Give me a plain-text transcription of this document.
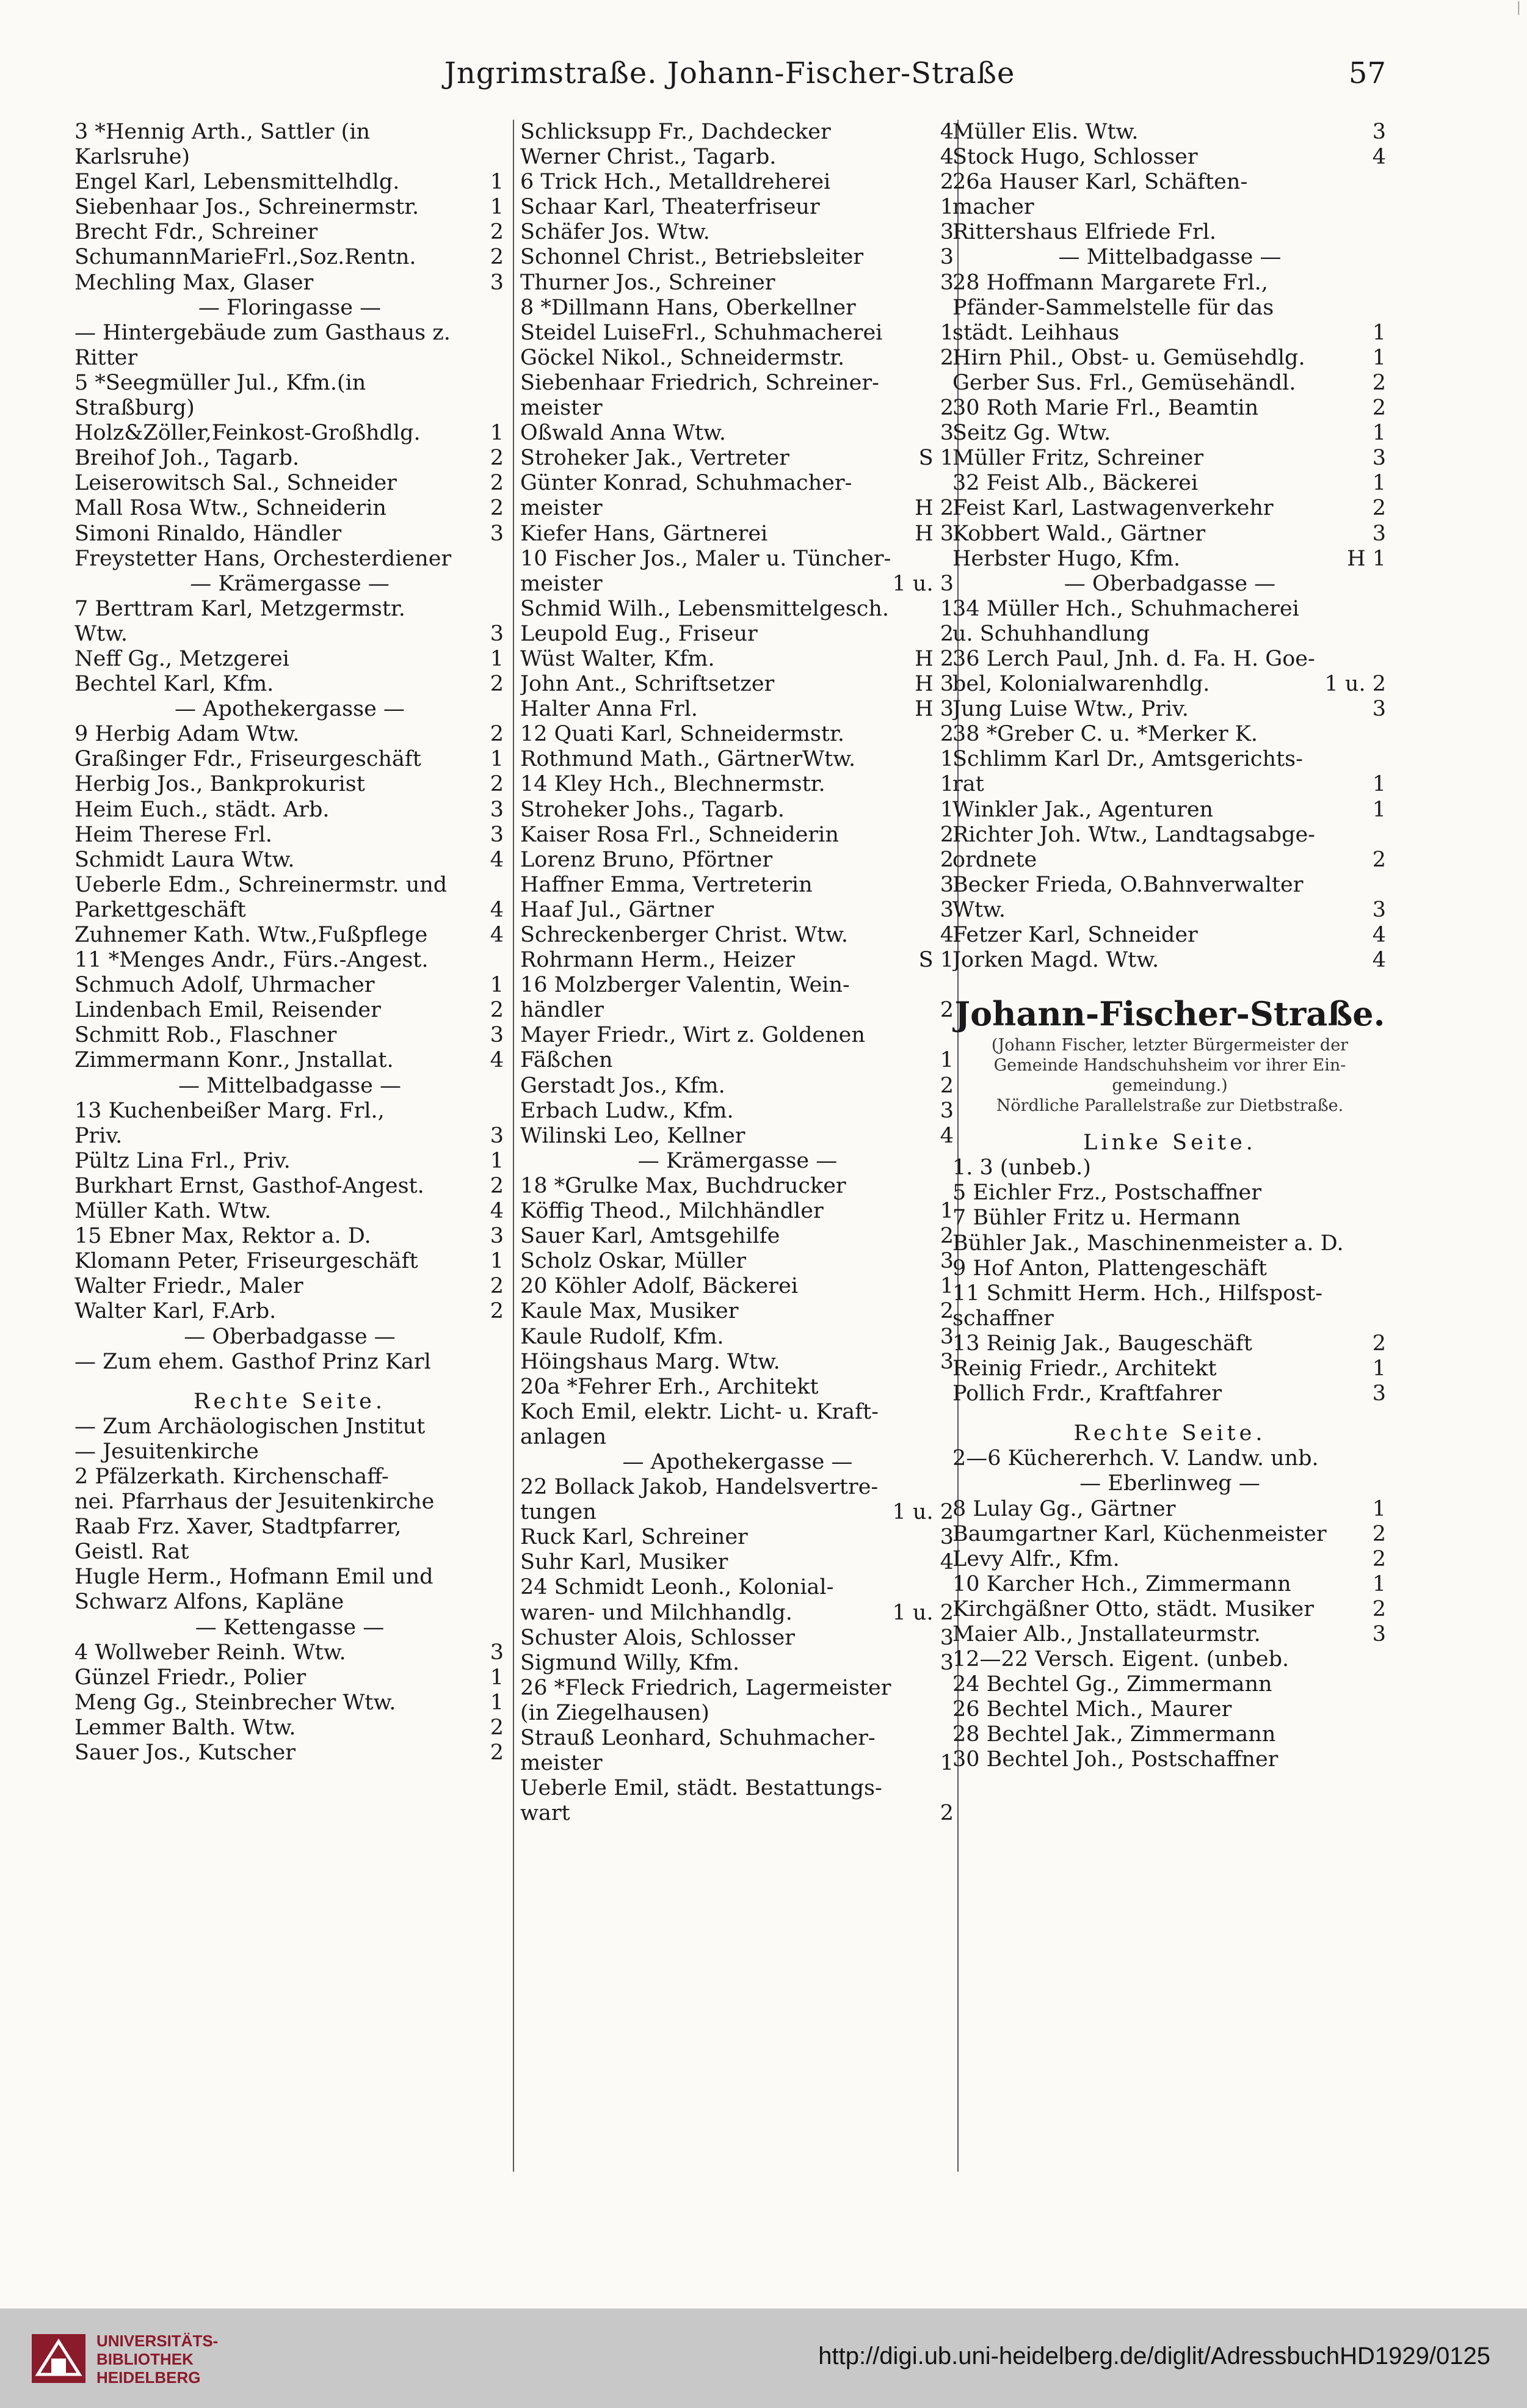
Jngrimstraße. Johann-Fischer-Straße	57
3 *Hennig Arth., Sattler (in
Karlsruhe)
Engel Karl, Lebensmittelhdlg.	1
Siebenhaar Jos., Schreinermstr.	1
Brecht Fdr., Schreiner	2
SchumannMarieFrl.,Soz.Rentn.	2
Mechling Max, Glaser	3
— Floringasse —
— Hintergebäude zum Gasthaus z.
Ritter
5 *Seegmüller Jul., Kfm.(in
Straßburg)
Holz&Zöller,Feinkost-Großhdlg.	1
Breihof Joh., Tagarb.	2
Leiserowitsch Sal., Schneider	2
Mall Rosa Wtw., Schneiderin	2
Simoni Rinaldo, Händler	3
Freystetter Hans, Orchesterdiener
— Krämergasse —
7 Berttram Karl, Metzgermstr.
Wtw.	3
Neff Gg., Metzgerei	1
Bechtel Karl, Kfm.	2
— Apothekergasse —
9 Herbig Adam Wtw.	2
Graßinger Fdr., Friseurgeschäft	1
Herbig Jos., Bankprokurist	2
Heim Euch., städt. Arb.	3
Heim Therese Frl.	3
Schmidt Laura Wtw.	4
Ueberle Edm., Schreinermstr. und
Parkettgeschäft	4
Zuhnemer Kath. Wtw.,Fußpflege	4
11 *Menges Andr., Fürs.-Angest.
Schmuch Adolf, Uhrmacher	1
Lindenbach Emil, Reisender	2
Schmitt Rob., Flaschner	3
Zimmermann Konr., Jnstallat.	4
— Mittelbadgasse —
13 Kuchenbeißer Marg. Frl.,
Priv.	3
Pültz Lina Frl., Priv.	1
Burkhart Ernst, Gasthof-Angest.	2
Müller Kath. Wtw.	4
15 Ebner Max, Rektor a. D.	3
Klomann Peter, Friseurgeschäft	1
Walter Friedr., Maler	2
Walter Karl, F.Arb.	2
— Oberbadgasse —
— Zum ehem. Gasthof Prinz Karl
Rechte Seite.
— Zum Archäologischen Jnstitut
— Jesuitenkirche
2 Pfälzerkath. Kirchenschaff-
nei. Pfarrhaus der Jesuitenkirche
Raab Frz. Xaver, Stadtpfarrer,
Geistl. Rat
Hugle Herm., Hofmann Emil und
Schwarz Alfons, Kapläne
— Kettengasse —
4 Wollweber Reinh. Wtw.	3
Günzel Friedr., Polier	1
Meng Gg., Steinbrecher Wtw.	1
Lemmer Balth. Wtw.	2
Sauer Jos., Kutscher	2
Schlicksupp Fr., Dachdecker	4
Werner Christ., Tagarb.	4
6 Trick Hch., Metalldreherei	2
Schaar Karl, Theaterfriseur	1
Schäfer Jos. Wtw.	3
Schonnel Christ., Betriebsleiter	3
Thurner Jos., Schreiner	3
8 *Dillmann Hans, Oberkellner
Steidel LuiseFrl., Schuhmacherei	1
Göckel Nikol., Schneidermstr.	2
Siebenhaar Friedrich, Schreiner-
meister	2
Oßwald Anna Wtw.	3
Stroheker Jak., Vertreter	S 1
Günter Konrad, Schuhmacher-
meister	H 2
Kiefer Hans, Gärtnerei	H 3
10 Fischer Jos., Maler u. Tüncher-
meister	1 u. 3
Schmid Wilh., Lebensmittelgesch. 1
Leupold Eug., Friseur	2
Wüst Walter, Kfm.	H 2
John Ant., Schriftsetzer	H 3
Halter Anna Frl.	H 3
12 Quati Karl, Schneidermstr.	2
Rothmund Math., GärtnerWtw.	1
14 Kley Hch., Blechnermstr.	1
Stroheker Johs., Tagarb.	1
Kaiser Rosa Frl., Schneiderin	2
Lorenz Bruno, Pförtner	2
Haffner Emma, Vertreterin	3
Haaf Jul., Gärtner	3
Schreckenberger Christ. Wtw.	4
Rohrmann Herm., Heizer	S 1
16 Molzberger Valentin, Wein-
händler	2
Mayer Friedr., Wirt z. Goldenen
Fäßchen	1
Gerstadt Jos., Kfm.	2
Erbach Ludw., Kfm.	3
Wilinski Leo, Kellner	4
— Krämergasse —
18 *Grulke Max, Buchdrucker
Köffig Theod., Milchhändler	1
Sauer Karl, Amtsgehilfe	2
Scholz Oskar, Müller	3
20 Köhler Adolf, Bäckerei	1
Kaule Max, Musiker	2
Kaule Rudolf, Kfm.	3
Höingshaus Marg. Wtw.	3
20a *Fehrer Erh., Architekt
Koch Emil, elektr. Licht- u. Kraft-
anlagen
— Apothekergasse —
22 Bollack Jakob, Handelsvertre-
tungen	1 u. 2
Ruck Karl, Schreiner	3
Suhr Karl, Musiker	4
24 Schmidt Leonh., Kolonial-
waren- und Milchhandlg.	1 u. 2
Schuster Alois, Schlosser	3
Sigmund Willy, Kfm.	3
26 *Fleck Friedrich, Lagermeister
(in Ziegelhausen)
Strauß Leonhard, Schuhmacher-
meister	1
Ueberle Emil, städt. Bestattungs-
wart	2
Müller Elis. Wtw.	3
Stock Hugo, Schlosser	4
26a Hauser Karl, Schäften-
macher
Rittershaus Elfriede Frl.
— Mittelbadgasse —
28 Hoffmann Margarete Frl.,
Pfänder-Sammelstelle für das
städt. Leihhaus	1
Hirn Phil., Obst- u. Gemüsehdlg.	1
Gerber Sus. Frl., Gemüsehändl.	2
30 Roth Marie Frl., Beamtin	2
Seitz Gg. Wtw.	1
Müller Fritz, Schreiner	3
32 Feist Alb., Bäckerei	1
Feist Karl, Lastwagenverkehr	2
Kobbert Wald., Gärtner	3
Herbster Hugo, Kfm.	H 1
— Oberbadgasse —
34 Müller Hch., Schuhmacherei
u. Schuhhandlung
36 Lerch Paul, Jnh. d. Fa. H. Goe-
bel, Kolonialwarenhdlg.	1 u. 2
Jung Luise Wtw., Priv.	3
38 *Greber C. u. *Merker K.
Schlimm Karl Dr., Amtsgerichts-
rat	1
Winkler Jak., Agenturen	1
Richter Joh. Wtw., Landtagsabge-
ordnete	2
Becker Frieda, O.Bahnverwalter
Wtw.	3
Fetzer Karl, Schneider	4
Jorken Magd. Wtw.	4
Johann-Fischer-Straße.
(Johann Fischer, letzter Bürgermeister der
Gemeinde Handschuhsheim vor ihrer Ein-
gemeindung.)
Nördliche Parallelstraße zur Dietbstraße.
Linke Seite.
1. 3 (unbeb.)
5 Eichler Frz., Postschaffner
7 Bühler Fritz u. Hermann
Bühler Jak., Maschinenmeister a. D.
9 Hof Anton, Plattengeschäft
11 Schmitt Herm. Hch., Hilfspost-
schaffner
13 Reinig Jak., Baugeschäft	2
Reinig Friedr., Architekt	1
Pollich Frdr., Kraftfahrer	3
Rechte Seite.
2—6 Küchererhch. V. Landw. unb.
— Eberlinweg —
8 Lulay Gg., Gärtner	1
Baumgartner Karl, Küchenmeister 2
Levy Alfr., Kfm.	2
10 Karcher Hch., Zimmermann	1
Kirchgäßner Otto, städt. Musiker	2
Maier Alb., Jnstallateurmstr.	3
12—22 Versch. Eigent. (unbeb.
24 Bechtel Gg., Zimmermann
26 Bechtel Mich., Maurer
28 Bechtel Jak., Zimmermann
30 Bechtel Joh., Postschaffner
|
UNIVERSITÄTS-
BIBLIOTHEK
HEIDELBERG
http://digi.ub.uni-heidelberg.de/diglit/AdressbuchHD1929/0125
